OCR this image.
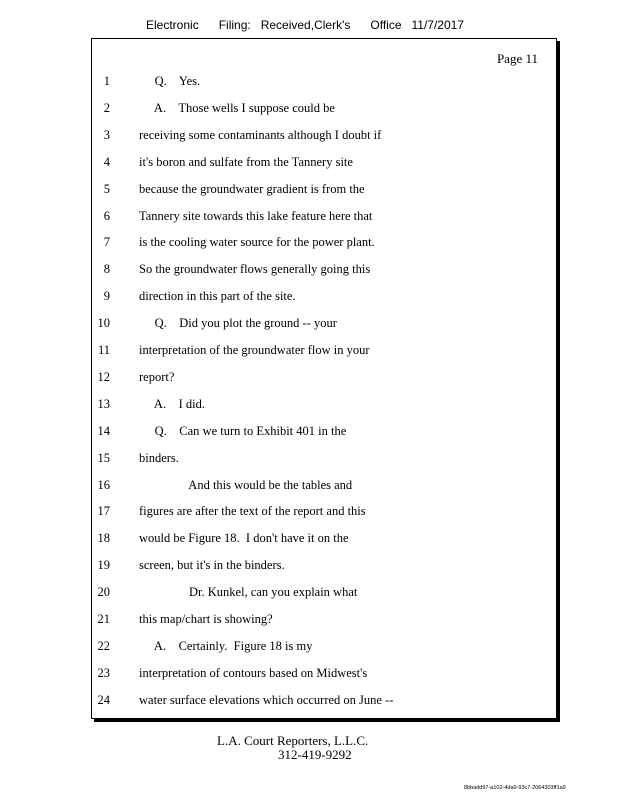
Electronic      Filing:   Received,Clerk's      Office   11/7/2017
Page 11
1 Q.    Yes.
2 A.    Those wells I suppose could be
3 receiving some contaminants although I doubt if
4 it's boron and sulfate from the Tannery site
5 because the groundwater gradient is from the
6 Tannery site towards this lake feature here that
7 is the cooling water source for the power plant.
8 So the groundwater flows generally going this
9 direction in this part of the site.
10 Q.    Did you plot the ground -- your
11 interpretation of the groundwater flow in your
12 report?
13 A.    I did.
14 Q.    Can we turn to Exhibit 401 in the
15 binders.
16 And this would be the tables and
17 figures are after the text of the report and this
18 would be Figure 18.  I don't have it on the
19 screen, but it's in the binders.
20 Dr. Kunkel, can you explain what
21 this map/chart is showing?
22 A.    Certainly.  Figure 18 is my
23 interpretation of contours based on Midwest's
24 water surface elevations which occurred on June --
L.A. Court Reporters, L.L.C.
312-419-9292
8bbadd97-a102-4da9-93c7-2064303ff1a9
